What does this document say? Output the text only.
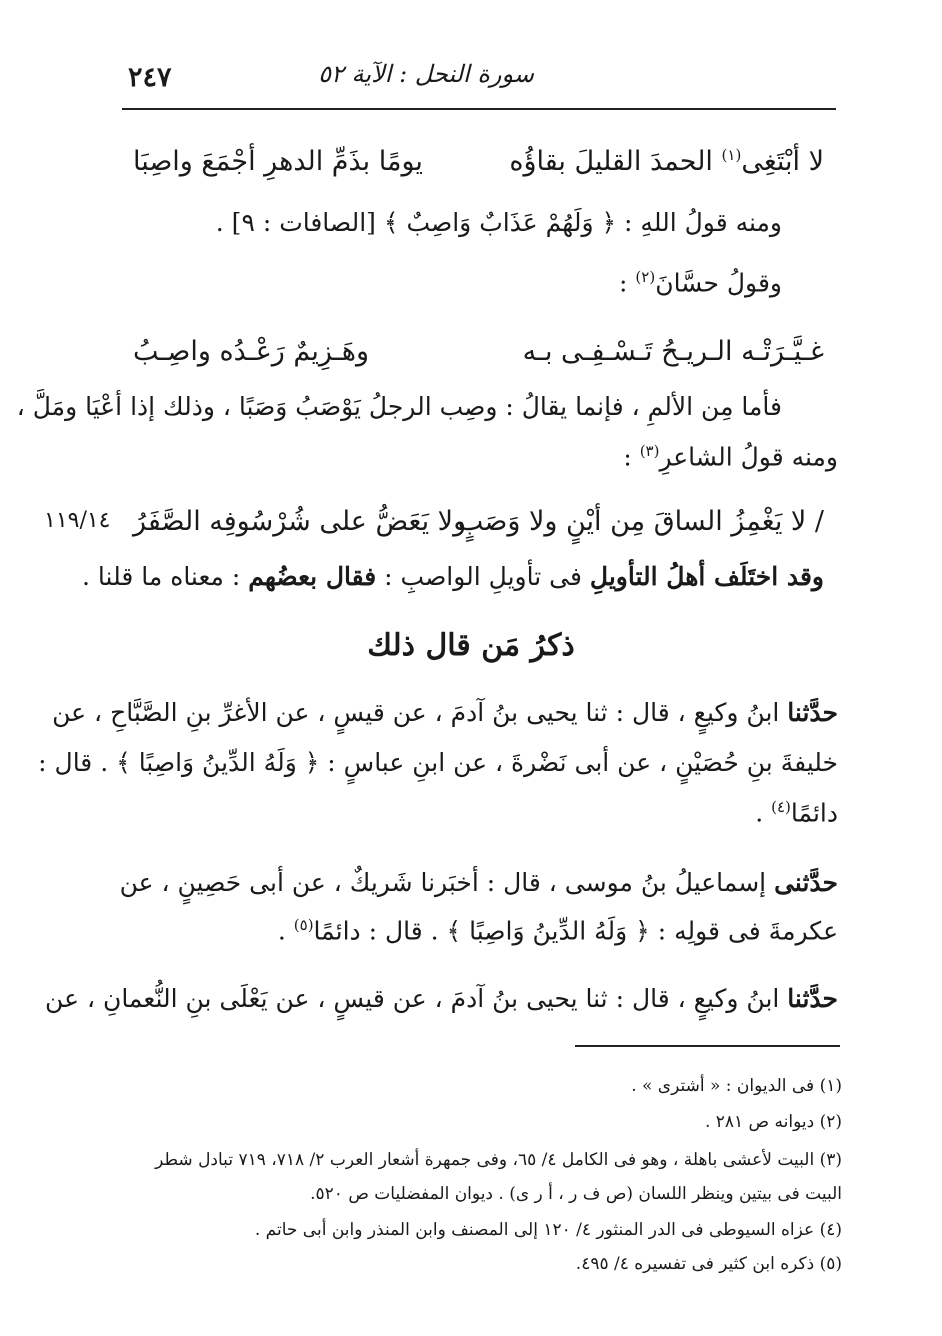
٢٤٧	سورة النحل : الآية ٥٢
لا أبْتَغِى$^{(١)}$ الحمدَ القليلَ بقاؤُه
يومًا بذَمِّ الدهرِ أجْمَعَ واصِبَا
ومنه قولُ اللهِ : ﴿ وَلَهُمْ عَذَابٌ وَاصِبٌ ﴾ [الصافات : ٩] .
وقولُ حسَّانَ$^{(٢)}$ :
غـيَّـرَتْـه الـريـحُ تَـسْـفِـى بـه
وهَـزِيمٌ رَعْـدُه واصِـبُ
فأما مِن الألمِ ، فإنما يقالُ : وصِب الرجلُ يَوْصَبُ وَصَبًا ، وذلك إذا أعْيَا ومَلَّ ،
ومنه قولُ الشاعرِ$^{(٣)}$ :
/ لا يَغْمِزُ الساقَ مِن أيْنٍ ولا وَصَبٍ
ولا يَعَضُّ على شُرْسُوفِه الصَّفَرُ
١١٩/١٤
وقد اختَلَف أهلُ التأويلِ فى تأويلِ الواصبِ : فقال بعضُهم : معناه ما قلنا .
ذكرُ مَن قال ذلك
حدَّثنا ابنُ وكيعٍ ، قال : ثنا يحيى بنُ آدمَ ، عن قيسٍ ، عن الأغرِّ بنِ الصَّبَّاحِ ، عن
خليفةَ بنِ حُصَيْنٍ ، عن أبى نَضْرةَ ، عن ابنِ عباسٍ : ﴿ وَلَهُ الدِّينُ وَاصِبًا ﴾ . قال :
دائمًا$^{(٤)}$ .
حدَّثنى إسماعيلُ بنُ موسى ، قال : أخبَرنا شَريكٌ ، عن أبى حَصِينٍ ، عن
عكرمةَ فى قولِه : ﴿ وَلَهُ الدِّينُ وَاصِبًا ﴾ . قال : دائمًا$^{(٥)}$ .
حدَّثنا ابنُ وكيعٍ ، قال : ثنا يحيى بنُ آدمَ ، عن قيسٍ ، عن يَعْلَى بنِ النُّعمانِ ، عن
(١) فى الديوان : « أشترى » .
(٢) ديوانه ص ٢٨١ .
(٣) البيت لأعشى باهلة ، وهو فى الكامل ٤/ ٦٥، وفى جمهرة أشعار العرب ٢/ ٧١٨، ٧١٩ تبادل شطر
البيت فى بيتين وينظر اللسان (ص ف ر ، أ ر ى) . ديوان المفضليات ص ٥٢٠.
(٤) عزاه السيوطى فى الدر المنثور ٤/ ١٢٠ إلى المصنف وابن المنذر وابن أبى حاتم .
(٥) ذكره ابن كثير فى تفسيره ٤/ ٤٩٥.
